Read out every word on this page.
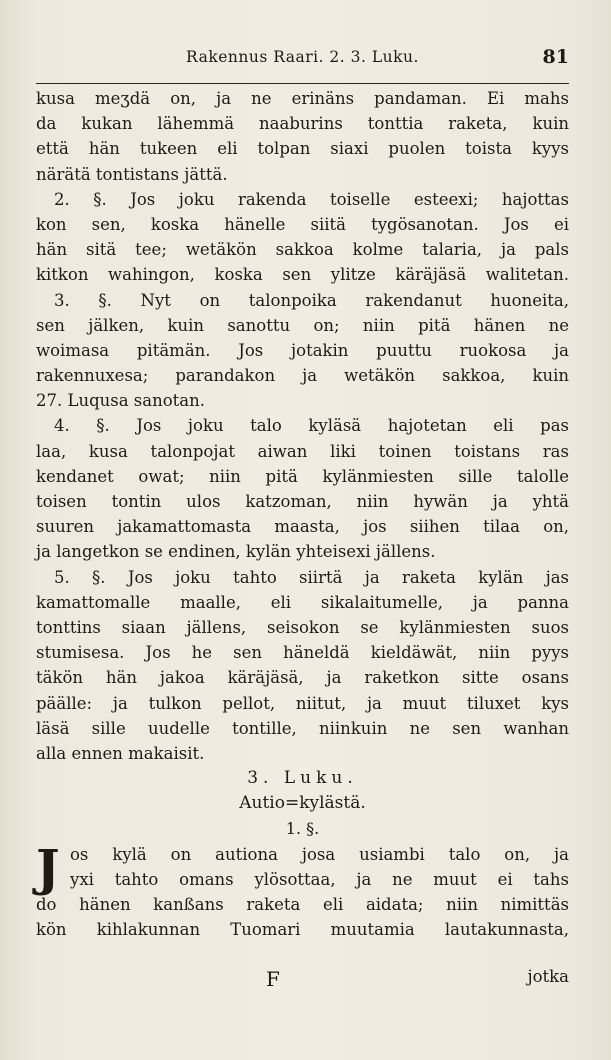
Rakennus Raari. 2. 3. Luku.	81
kusa meʒdä on, ja ne erinäns pandaman. Ei mahs
da kukan lähemmä naaburins tonttia raketa, kuin
että hän tukeen eli tolpan siaxi puolen toista kyys
närätä tontistans jättä.
2. §. Jos joku rakenda toiselle esteexi; hajottas
kon sen, koska hänelle siitä tygösanotan. Jos ei
hän sitä tee; wetäkön sakkoa kolme talaria, ja pals
kitkon wahingon, koska sen ylitze käräjäsä walitetan.
3. §. Nyt on talonpoika rakendanut huoneita,
sen jälken, kuin sanottu on; niin pitä hänen ne
woimasa pitämän. Jos jotakin puuttu ruokosa ja
rakennuxesa; parandakon ja wetäkön sakkoa, kuin
27. Luqusa sanotan.
4. §. Jos joku talo kyläsä hajotetan eli pas
laa, kusa talonpojat aiwan liki toinen toistans ras
kendanet owat; niin pitä kylänmiesten sille talolle
toisen tontin ulos katzoman, niin hywän ja yhtä
suuren jakamattomasta maasta, jos siihen tilaa on,
ja langetkon se endinen, kylän yhteisexi jällens.
5. §. Jos joku tahto siirtä ja raketa kylän jas
kamattomalle maalle, eli sikalaitumelle, ja panna
tonttins siaan jällens, seisokon se kylänmiesten suos
stumisesa. Jos he sen häneldä kieldäwät, niin pyys
täkön hän jakoa käräjäsä, ja raketkon sitte osans
päälle: ja tulkon pellot, niitut, ja muut tiluxet kys
läsä sille uudelle tontille, niinkuin ne sen wanhan
alla ennen makaisit.
3. Luku.
Autio=kylästä.
1. §.
J os kylä on autiona josa usiambi talo on, ja
yxi tahto omans ylösottaa, ja ne muut ei tahs
do hänen kanßans raketa eli aidata; niin nimittäs
kön kihlakunnan Tuomari muutamia lautakunnasta,
F	jotka
